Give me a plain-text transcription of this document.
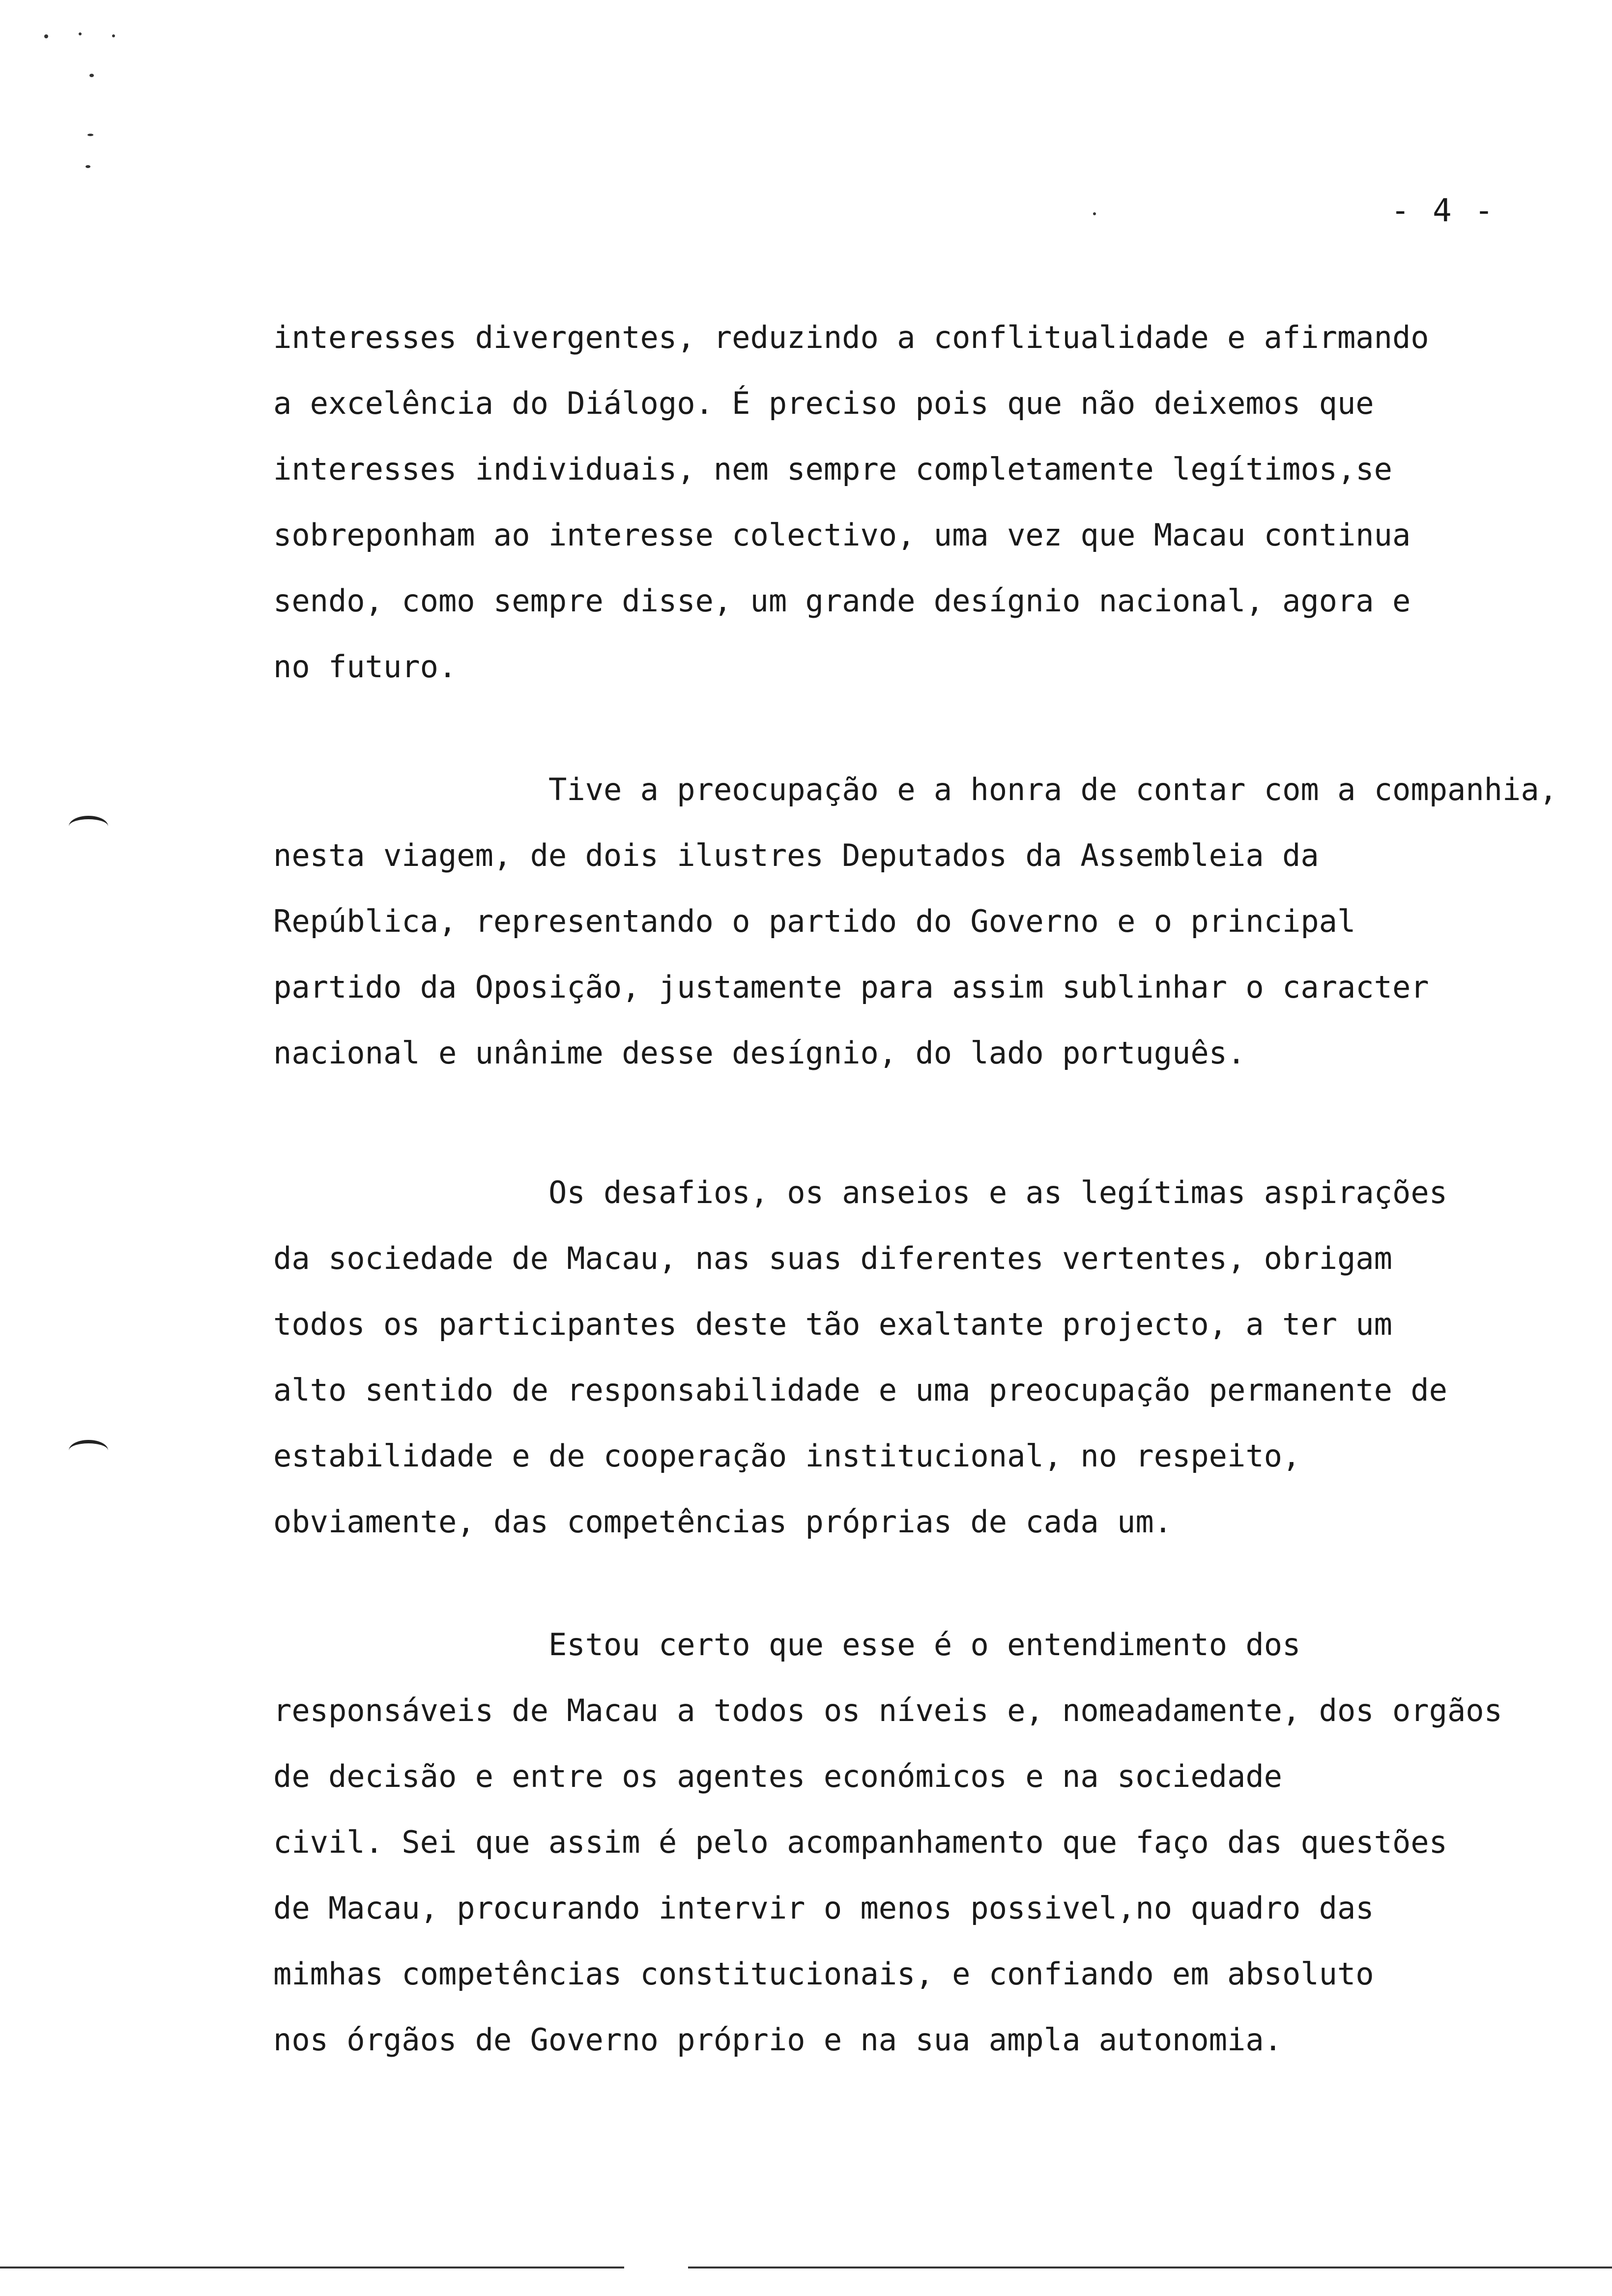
- 4 -
interesses divergentes, reduzindo a conflitualidade e afirmando
a excelência do Diálogo. É preciso pois que não deixemos que
interesses individuais, nem sempre completamente legítimos,se
sobreponham ao interesse colectivo, uma vez que Macau continua
sendo, como sempre disse, um grande desígnio nacional, agora e
no futuro.
Tive a preocupação e a honra de contar com a companhia,
nesta viagem, de dois ilustres Deputados da Assembleia da
República, representando o partido do Governo e o principal
partido da Oposição, justamente para assim sublinhar o caracter
nacional e unânime desse desígnio, do lado português.
Os desafios, os anseios e as legítimas aspirações
da sociedade de Macau, nas suas diferentes vertentes, obrigam
todos os participantes deste tão exaltante projecto, a ter um
alto sentido de responsabilidade e uma preocupação permanente de
estabilidade e de cooperação institucional, no respeito,
obviamente, das competências próprias de cada um.
Estou certo que esse é o entendimento dos
responsáveis de Macau a todos os níveis e, nomeadamente, dos orgãos
de decisão e entre os agentes económicos e na sociedade
civil. Sei que assim é pelo acompanhamento que faço das questões
de Macau, procurando intervir o menos possivel,no quadro das
mimhas competências constitucionais, e confiando em absoluto
nos órgãos de Governo próprio e na sua ampla autonomia.
